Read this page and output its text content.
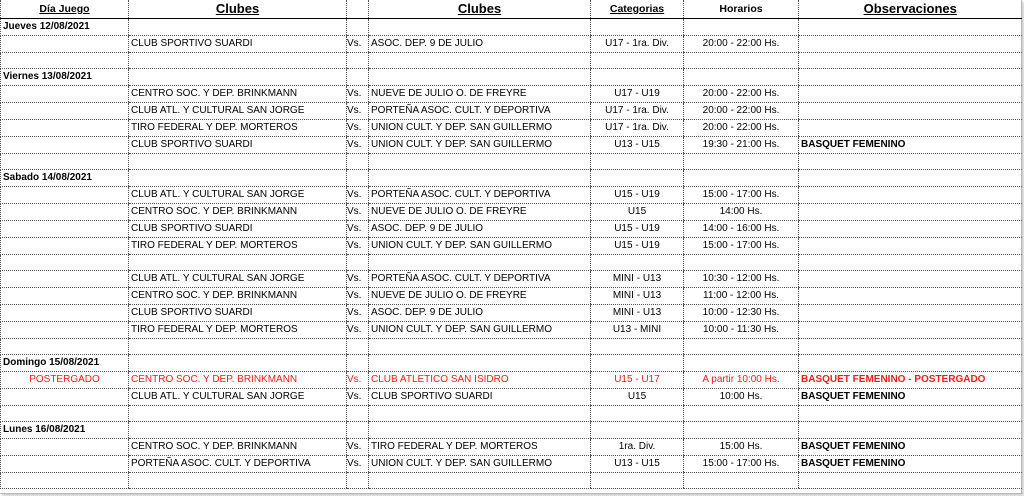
Día Juego	Clubes		Clubes	Categorias	Horarios	Observaciones
Jueves 12/08/2021						
	CLUB SPORTIVO SUARDI	Vs.	ASOC. DEP. 9 DE JULIO	U17 - 1ra. Div.	20:00 - 22:00 Hs.	

Viernes 13/08/2021						
	CENTRO SOC. Y DEP. BRINKMANN	Vs.	NUEVE DE JULIO O. DE FREYRE	U17 - U19	20:00 - 22:00 Hs.	
	CLUB ATL. Y CULTURAL SAN JORGE	Vs.	PORTEÑA ASOC. CULT. Y DEPORTIVA	U17 - 1ra. Div.	20:00 - 22:00 Hs.	
	TIRO FEDERAL Y DEP. MORTEROS	Vs.	UNION CULT. Y DEP. SAN GUILLERMO	U17 - 1ra. Div.	20:00 - 22:00 Hs.	
	CLUB SPORTIVO SUARDI	Vs.	UNION CULT. Y DEP. SAN GUILLERMO	U13 - U15	19:30 - 21:00 Hs.	BASQUET FEMENINO

Sabado 14/08/2021						
	CLUB ATL. Y CULTURAL SAN JORGE	Vs.	PORTEÑA ASOC. CULT. Y DEPORTIVA	U15 - U19	15:00 - 17:00 Hs.	
	CENTRO SOC. Y DEP. BRINKMANN	Vs.	NUEVE DE JULIO O. DE FREYRE	U15	14:00 Hs.	
	CLUB SPORTIVO SUARDI	Vs.	ASOC. DEP. 9 DE JULIO	U15 - U19	14:00 - 16:00 Hs.	
	TIRO FEDERAL Y DEP. MORTEROS	Vs.	UNION CULT. Y DEP. SAN GUILLERMO	U15 - U19	15:00 - 17:00 Hs.	

	CLUB ATL. Y CULTURAL SAN JORGE	Vs.	PORTEÑA ASOC. CULT. Y DEPORTIVA	MINI - U13	10:30 - 12:00 Hs.	
	CENTRO SOC. Y DEP. BRINKMANN	Vs.	NUEVE DE JULIO O. DE FREYRE	MINI - U13	11:00 - 12:00 Hs.	
	CLUB SPORTIVO SUARDI	Vs.	ASOC. DEP. 9 DE JULIO	MINI - U13	10:00 - 12:30 Hs.	
	TIRO FEDERAL Y DEP. MORTEROS	Vs.	UNION CULT. Y DEP. SAN GUILLERMO	U13 - MINI	10:00 - 11:30 Hs.	

Domingo 15/08/2021						
POSTERGADO	CENTRO SOC. Y DEP. BRINKMANN	Vs.	CLUB ATLETICO SAN ISIDRO	U15 - U17	A partir 10:00 Hs.	BASQUET FEMENINO - POSTERGADO
	CLUB ATL. Y CULTURAL SAN JORGE	Vs.	CLUB SPORTIVO SUARDI	U15	10:00 Hs.	BASQUET FEMENINO

Lunes 16/08/2021						
	CENTRO SOC. Y DEP. BRINKMANN	Vs.	TIRO FEDERAL Y DEP. MORTEROS	1ra. Div.	15:00 Hs.	BASQUET FEMENINO
	PORTEÑA ASOC. CULT. Y DEPORTIVA	Vs.	UNION CULT. Y DEP. SAN GUILLERMO	U13 - U15	15:00 - 17:00 Hs.	BASQUET FEMENINO
